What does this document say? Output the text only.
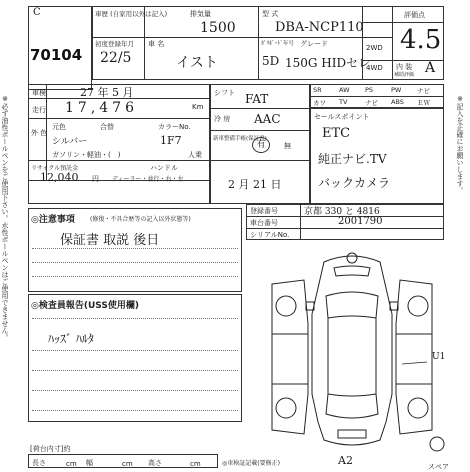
※必ず油性ボールペンをご使用下さい。水性ボールペンはご使用できません。	※記入を正確にお願いします。
C
70104
車歴 (自家用以外は記入)	排気量
1500
型 式
DBA-NCP110
初度登録年月
22/5
車 名
イスト
ｶﾞﾘﾎﾞｰﾄﾞ年号 グレード
5D 150G HIDセレ
2WD
4WD
評価点
4.5
内 装
補助評価 A
車検	27 年 5 月
走行 17,476	Km
外 色
元色	合替
シルバー
カラーNo.
1F7
ガソリン・軽油・(　)	人乗
リサイクル預託金
12,040 円
ハンドル
ディーラー・並行・右・左
シフト FAT
冷 房 AAC
新車整備手帳(保証書)
有	無
2 月 21 日
SR	AW PS	PW ナビ
カワ TV	ナビ ABS ＥＷ
セールスポイント
ETC
純正ナビ.TV
バックカメラ
登録番号	京都 330 と 4816
車台番号	2001790
シリアルNo.
◎注意事項	(修復・不具合歴等の記入以外状態等)
保証書 取説 後日
◎検査員報告(USS使用欄)
ﾊｯｽﾞ ﾊﾙﾀ
[荷台内寸]約
長さ	cm 幅	cm 高さ	cm	◎車検証記載(要修正)	A2	スペア
U1
